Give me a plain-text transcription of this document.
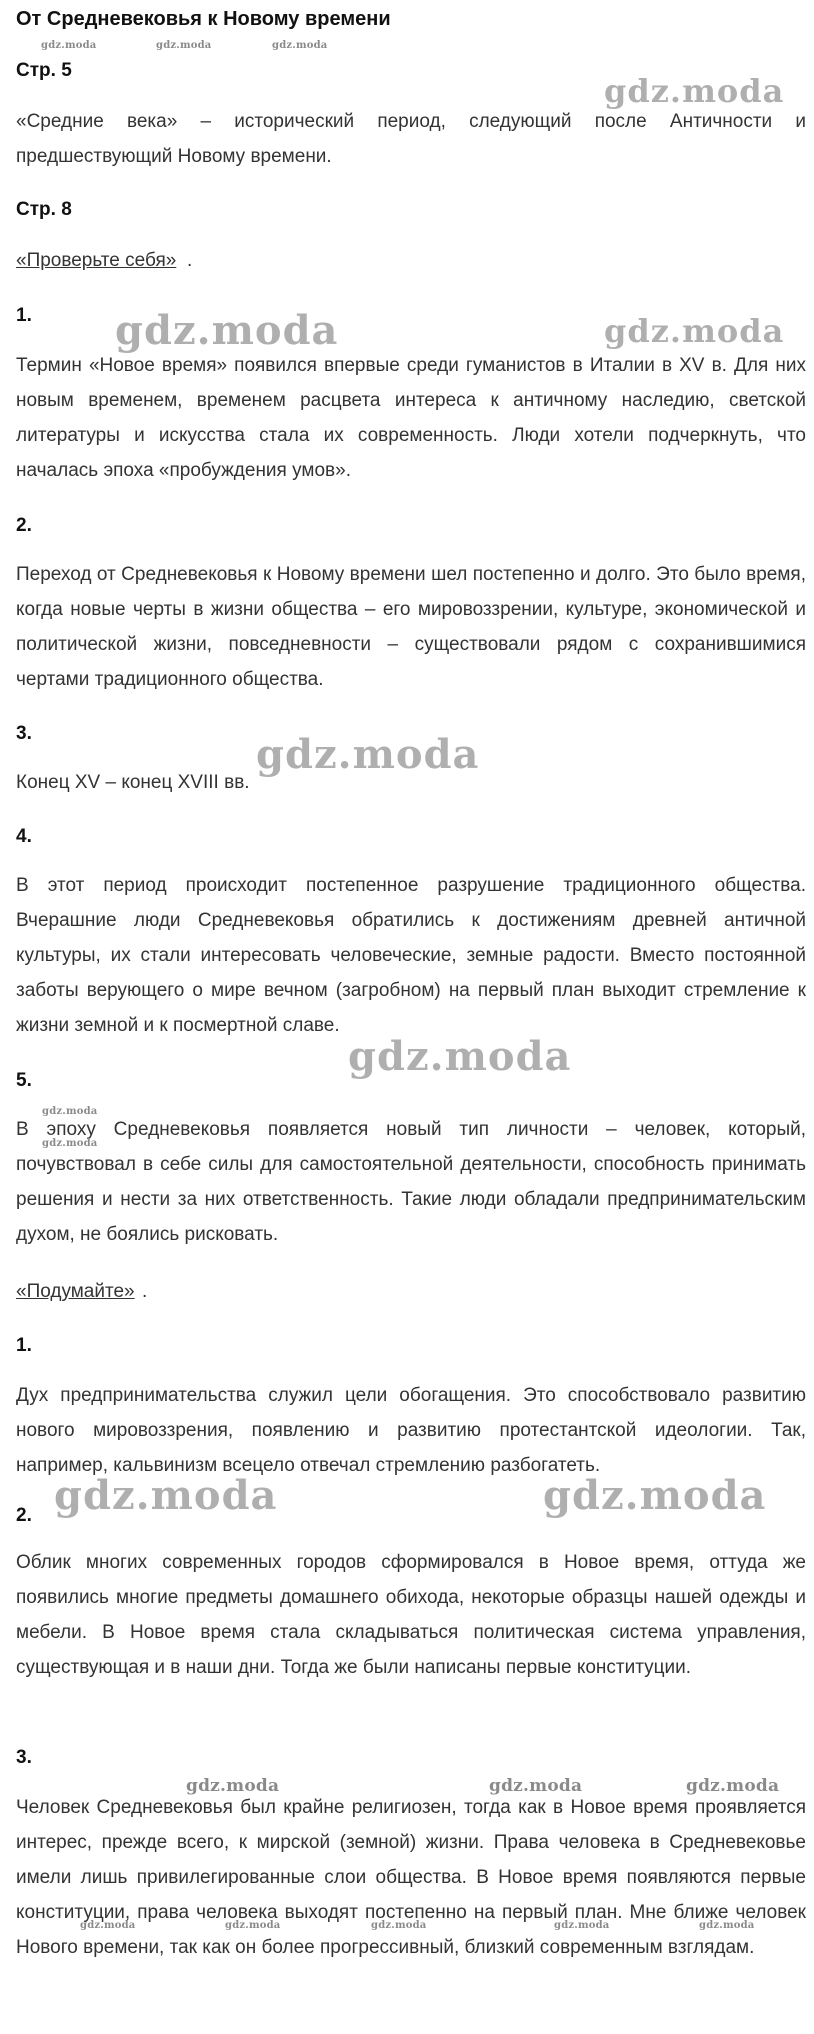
От Средневековья к Новому времени
Стр. 5
«Средние века» – исторический период, следующий после Античности и предшествующий Новому времени.
Стр. 8
«Проверьте себя» .
1.
Термин «Новое время» появился впервые среди гуманистов в Италии в XV в. Для них новым временем, временем расцвета интереса к античному наследию, светской литературы и искусства стала их современность. Люди хотели подчеркнуть, что началась эпоха «пробуждения умов».
2.
Переход от Средневековья к Новому времени шел постепенно и долго. Это было время, когда новые черты в жизни общества – его мировоззрении, культуре, экономической и политической жизни, повседневности – существовали рядом с сохранившимися чертами традиционного общества.
3.
Конец XV – конец XVIII вв.
4.
В этот период происходит постепенное разрушение традиционного общества. Вчерашние люди Средневековья обратились к достижениям древней античной культуры, их стали интересовать человеческие, земные радости. Вместо постоянной заботы верующего о мире вечном (загробном) на первый план выходит стремление к жизни земной и к посмертной славе.
5.
В эпоху Средневековья появляется новый тип личности – человек, который, почувствовал в себе силы для самостоятельной деятельности, способность принимать решения и нести за них ответственность. Такие люди обладали предпринимательским духом, не боялись рисковать.
«Подумайте» .
1.
Дух предпринимательства служил цели обогащения. Это способствовало развитию нового мировоззрения, появлению и развитию протестантской идеологии. Так, например, кальвинизм всецело отвечал стремлению разбогатеть.
2.
Облик многих современных городов сформировался в Новое время, оттуда же появились многие предметы домашнего обихода, некоторые образцы нашей одежды и мебели. В Новое время стала складываться политическая система управления, существующая и в наши дни. Тогда же были написаны первые конституции.
3.
Человек Средневековья был крайне религиозен, тогда как в Новое время проявляется интерес, прежде всего, к мирской (земной) жизни. Права человека в Средневековье имели лишь привилегированные слои общества. В Новое время появляются первые конституции, права человека выходят постепенно на первый план. Мне ближе человек Нового времени, так как он более прогрессивный, близкий современным взглядам.
gdz.moda	gdz.moda	gdz.moda
gdz.moda
gdz.moda	gdz.moda
gdz.moda
gdz.moda
gdz.moda
gdz.moda
gdz.moda	gdz.moda
gdz.moda	gdz.moda	gdz.moda
gdz.moda	gdz.moda	gdz.moda	gdz.moda	gdz.moda
